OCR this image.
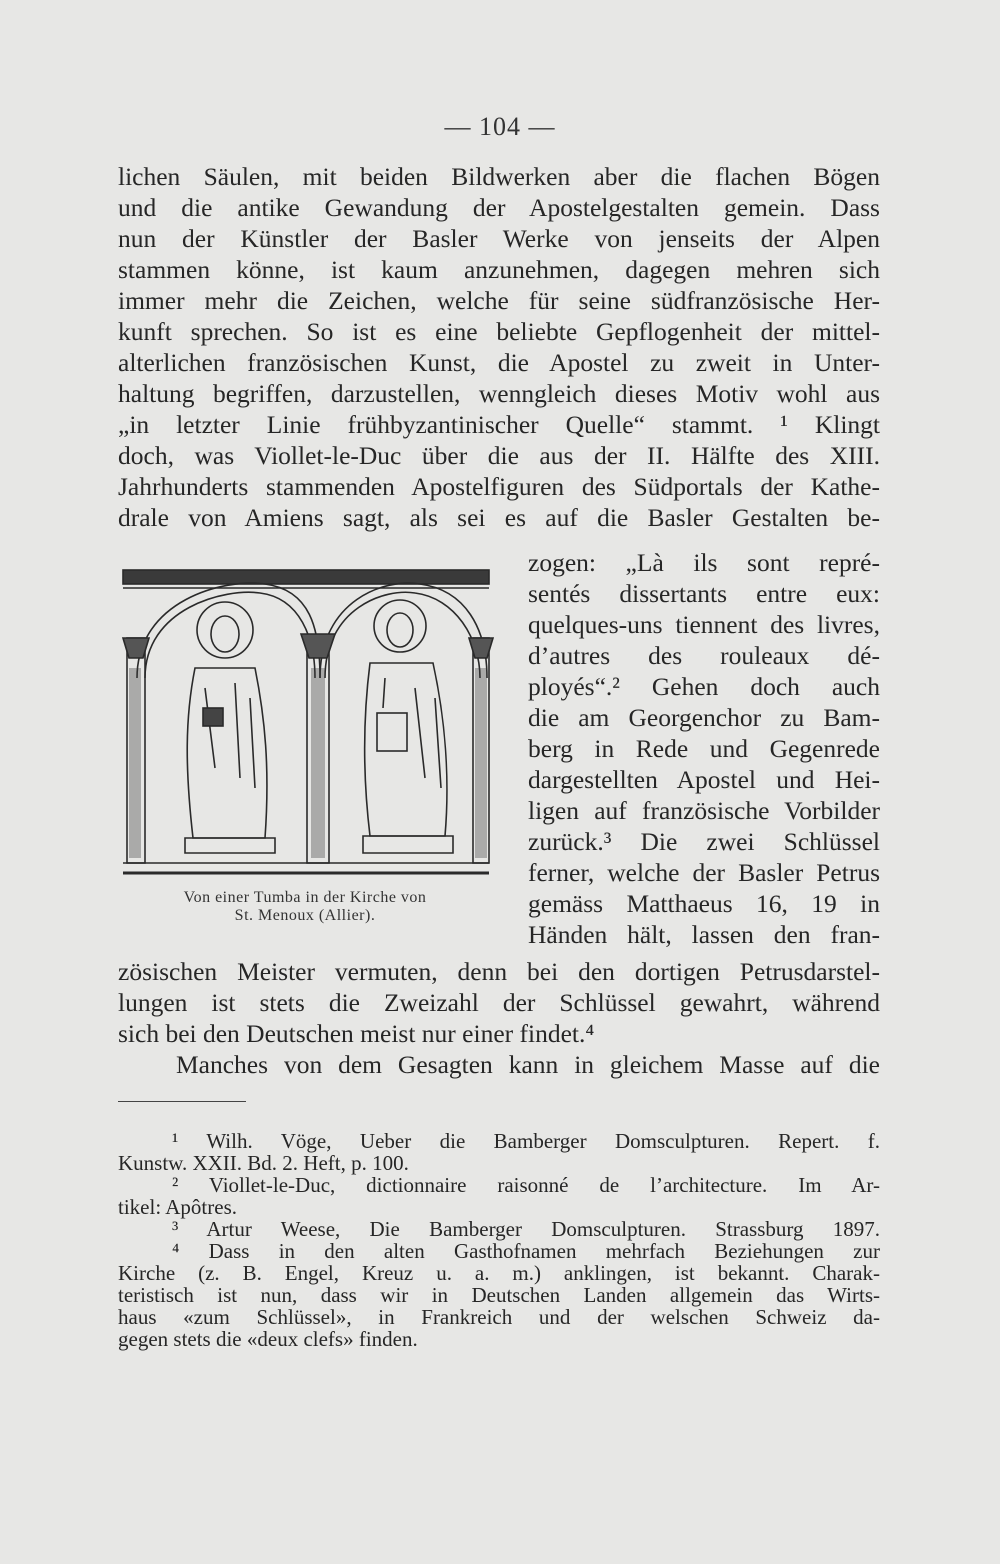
— 104 —
lichen Säulen, mit beiden Bildwerken aber die flachen Bögen
und die antike Gewandung der Apostelgestalten gemein. Dass
nun der Künstler der Basler Werke von jenseits der Alpen
stammen könne, ist kaum anzunehmen, dagegen mehren sich
immer mehr die Zeichen, welche für seine südfranzösische Her-
kunft sprechen. So ist es eine beliebte Gepflogenheit der mittel-
alterlichen französischen Kunst, die Apostel zu zweit in Unter-
haltung begriffen, darzustellen, wenngleich dieses Motiv wohl aus
„in letzter Linie frühbyzantinischer Quelle“ stammt. ¹ Klingt
doch, was Viollet-le-Duc über die aus der II. Hälfte des XIII.
Jahrhunderts stammenden Apostelfiguren des Südportals der Kathe-
drale von Amiens sagt, als sei es auf die Basler Gestalten be-
zogen: „Là ils sont repré-
sentés dissertants entre eux:
quelques-uns tiennent des livres,
d’autres des rouleaux dé-
ployés“.² Gehen doch auch
die am Georgenchor zu Bam-
berg in Rede und Gegenrede
dargestellten Apostel und Hei-
ligen auf französische Vorbilder
zurück.³ Die zwei Schlüssel
ferner, welche der Basler Petrus
gemäss Matthaeus 16, 19 in
Händen hält, lassen den fran-
Von einer Tumba in der Kirche von
St. Menoux (Allier).
zösischen Meister vermuten, denn bei den dortigen Petrusdarstel-
lungen ist stets die Zweizahl der Schlüssel gewahrt, während
sich bei den Deutschen meist nur einer findet.⁴
Manches von dem Gesagten kann in gleichem Masse auf die
¹ Wilh. Vöge, Ueber die Bamberger Domsculpturen. Repert. f.
Kunstw. XXII. Bd. 2. Heft, p. 100.
² Viollet-le-Duc, dictionnaire raisonné de l’architecture. Im Ar-
tikel: Apôtres.
³ Artur Weese, Die Bamberger Domsculpturen. Strassburg 1897.
⁴ Dass in den alten Gasthofnamen mehrfach Beziehungen zur
Kirche (z. B. Engel, Kreuz u. a. m.) anklingen, ist bekannt. Charak-
teristisch ist nun, dass wir in Deutschen Landen allgemein das Wirts-
haus «zum Schlüssel», in Frankreich und der welschen Schweiz da-
gegen stets die «deux clefs» finden.
